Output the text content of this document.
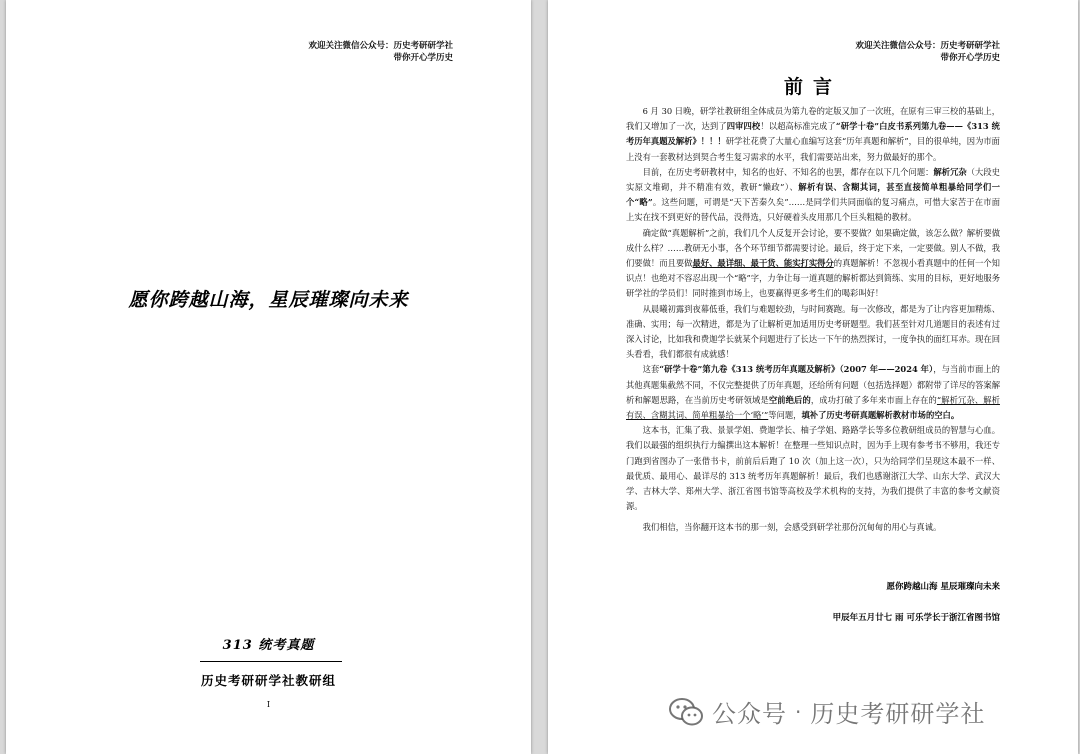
欢迎关注微信公众号：历史考研研学社
带你开心学历史
愿你跨越山海，星辰璀璨向未来
313 统考真题
历史考研研学社教研组
I
欢迎关注微信公众号：历史考研研学社
带你开心学历史
前言

6 月 30 日晚，研学社教研组全体成员为第九卷的定版又加了一次班，在原有三审三校的基础上，我们又增加了一次，达到了四审四校！以超高标准完成了“研学十卷”白皮书系列第九卷——《313 统考历年真题及解析》！！！研学社花费了大量心血编写这套“历年真题和解析”，目的很单纯，因为市面上没有一套教材达到契合考生复习需求的水平，我们需要站出来，努力做最好的那个。

目前，在历史考研教材中，知名的也好、不知名的也罢，都存在以下几个问题：解析冗杂（大段史实原文堆砌，并不精准有效，教研“懒政”）、解析有误、含糊其词，甚至直接简单粗暴给同学们一个“略”。这些问题，可谓是“天下苦秦久矣”……是同学们共同面临的复习痛点，可惜大家苦于在市面上实在找不到更好的替代品，没得选，只好硬着头皮用那几个巨头粗糙的教材。

确定做“真题解析”之前，我们几个人反复开会讨论，要不要做？如果确定做，该怎么做？解析要做成什么样？……教研无小事，各个环节细节都需要讨论。最后，终于定下来，一定要做。别人不做，我们要做！而且要做最好、最详细、最干货、能实打实得分的真题解析！不忽视小看真题中的任何一个知识点！也绝对不容忍出现一个“略”字，力争让每一道真题的解析都达到简练、实用的目标，更好地服务研学社的学员们！同时推到市场上，也要赢得更多考生们的喝彩叫好！

从晨曦初露到夜幕低垂，我们与难题较劲，与时间赛跑。每一次修改，都是为了让内容更加精炼、准确、实用；每一次精进，都是为了让解析更加适用历史考研题型。我们甚至针对几道题目的表述有过深入讨论，比如我和费迦学长就某个问题进行了长达一下午的热烈探讨，一度争执的面红耳赤。现在回头看看，我们都很有成就感！

这套“研学十卷”第九卷《313 统考历年真题及解析》（2007 年——2024 年），与当前市面上的其他真题集截然不同，不仅完整提供了历年真题，还给所有问题（包括选择题）都附带了详尽的答案解析和解题思路，在当前历史考研领域是空前绝后的，成功打破了多年来市面上存在的“解析冗杂、解析有误、含糊其词、简单粗暴给一个‘略’”等问题，填补了历史考研真题解析教材市场的空白。

这本书，汇集了我、景景学姐、费迦学长、柚子学姐、路路学长等多位教研组成员的智慧与心血。我们以最强的组织执行力编撰出这本解析！在整理一些知识点时，因为手上现有参考书不够用，我还专门跑到省图办了一张借书卡，前前后后跑了 10 次（加上这一次），只为给同学们呈现这本最不一样、最优质、最用心、最详尽的 313 统考历年真题解析！最后，我们也感谢浙江大学、山东大学、武汉大学、吉林大学、郑州大学、浙江省图书馆等高校及学术机构的支持，为我们提供了丰富的参考文献资源。

我们相信，当你翻开这本书的那一刻，会感受到研学社那份沉甸甸的用心与真诚。

愿你跨越山海 星辰璀璨向未来
甲辰年五月廿七 雨 可乐学长于浙江省图书馆
公众号 · 历史考研研学社
